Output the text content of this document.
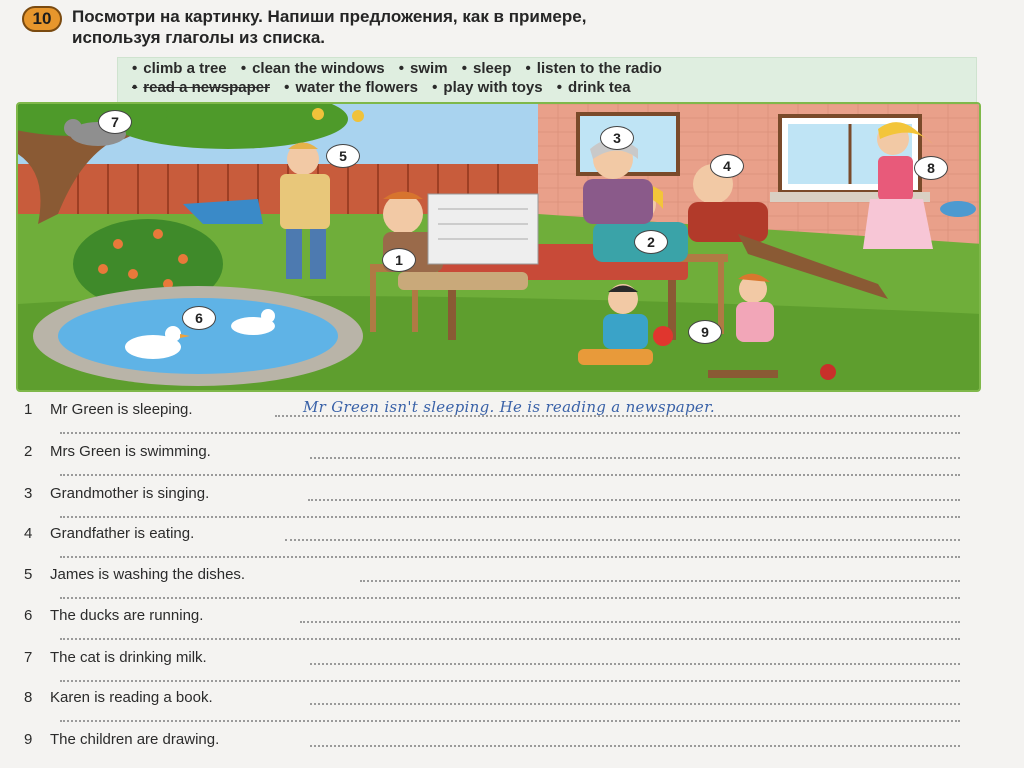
10	Посмотри на картинку. Напиши предложения, как в примере,
используя глаголы из списка.
• climb a tree • clean the windows • swim • sleep • listen to the radio
• read a newspaper • water the flowers • play with toys • drink tea
1
2
3
4
5
6
7
8
9
1	Mr Green is sleeping.	Mr Green isn't sleeping. He is reading a newspaper.
2	Mrs Green is swimming.
3	Grandmother is singing.
4	Grandfather is eating.
5	James is washing the dishes.
6	The ducks are running.
7	The cat is drinking milk.
8	Karen is reading a book.
9	The children are drawing.
